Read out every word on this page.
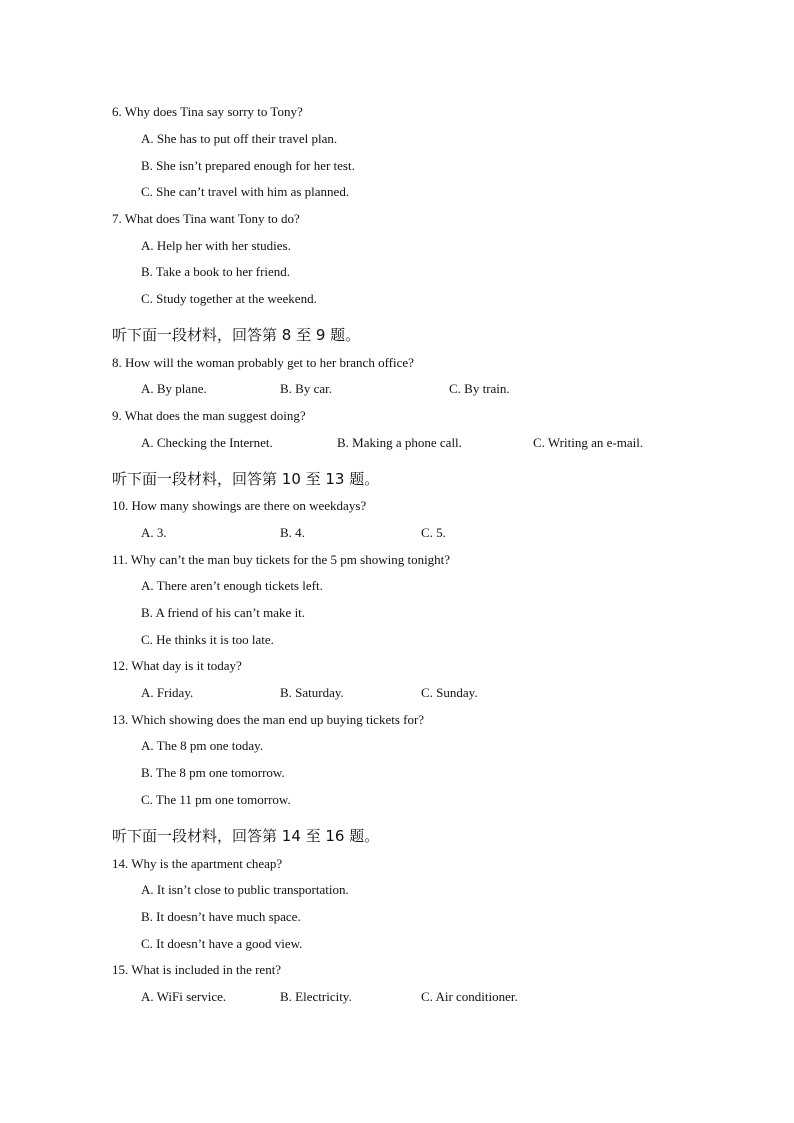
6. Why does Tina say sorry to Tony?
A. She has to put off their travel plan.
B. She isn’t prepared enough for her test.
C. She can’t travel with him as planned.
7. What does Tina want Tony to do?
A. Help her with her studies.
B. Take a book to her friend.
C. Study together at the weekend.
听下面一段材料，回答第 8 至 9 题。
8. How will the woman probably get to her branch office?
A. By plane.	B. By car.	C. By train.
9. What does the man suggest doing?
A. Checking the Internet.	B. Making a phone call.	C. Writing an e-mail.
听下面一段材料，回答第 10 至 13 题。
10. How many showings are there on weekdays?
A. 3.	B. 4.	C. 5.
11. Why can’t the man buy tickets for the 5 pm showing tonight?
A. There aren’t enough tickets left.
B. A friend of his can’t make it.
C. He thinks it is too late.
12. What day is it today?
A. Friday.	B. Saturday.	C. Sunday.
13. Which showing does the man end up buying tickets for?
A. The 8 pm one today.
B. The 8 pm one tomorrow.
C. The 11 pm one tomorrow.
听下面一段材料，回答第 14 至 16 题。
14. Why is the apartment cheap?
A. It isn’t close to public transportation.
B. It doesn’t have much space.
C. It doesn’t have a good view.
15. What is included in the rent?
A. WiFi service.	B. Electricity.	C. Air conditioner.
